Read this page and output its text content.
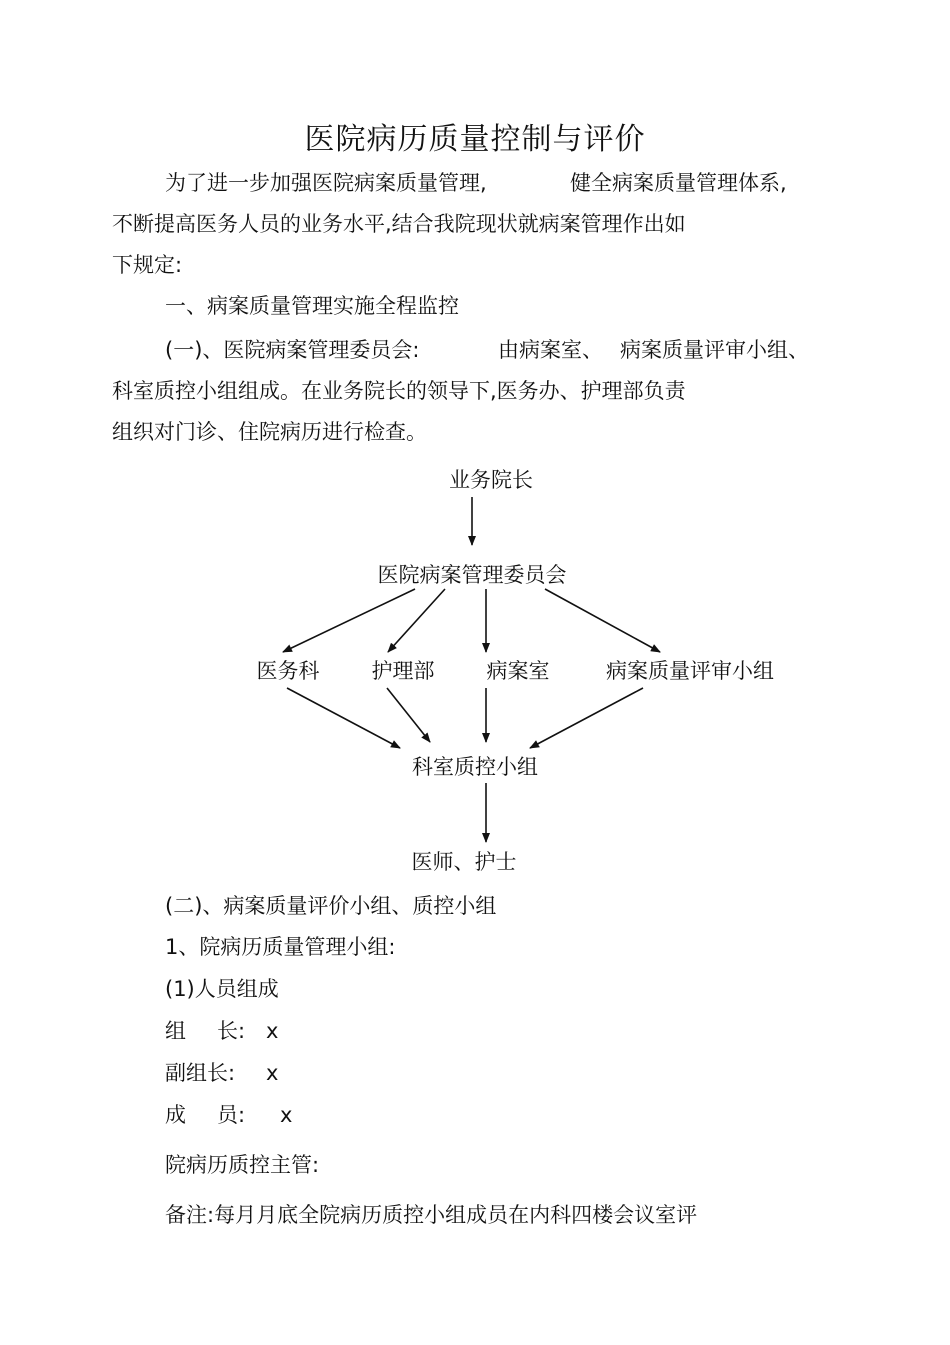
医院病历质量控制与评价
为了进一步加强医院病案质量管理,	健全病案质量管理体系,
不断提高医务人员的业务水平,结合我院现状就病案管理作出如
下规定:
一、病案质量管理实施全程监控
(一)、医院病案管理委员会:	由病案室、 病案质量评审小组、
科室质控小组组成。在业务院长的领导下,医务办、护理部负责
组织对门诊、住院病历进行检查。
业务院长
医院病案管理委员会
医务科 护理部 病案室	病案质量评审小组
科室质控小组
医师、护士
(二)、病案质量评价小组、质控小组
1、院病历质量管理小组:
(1)人员组成
组 长: x
副组长: x
成 员: x
院病历质控主管:
备注:每月月底全院病历质控小组成员在内科四楼会议室评
